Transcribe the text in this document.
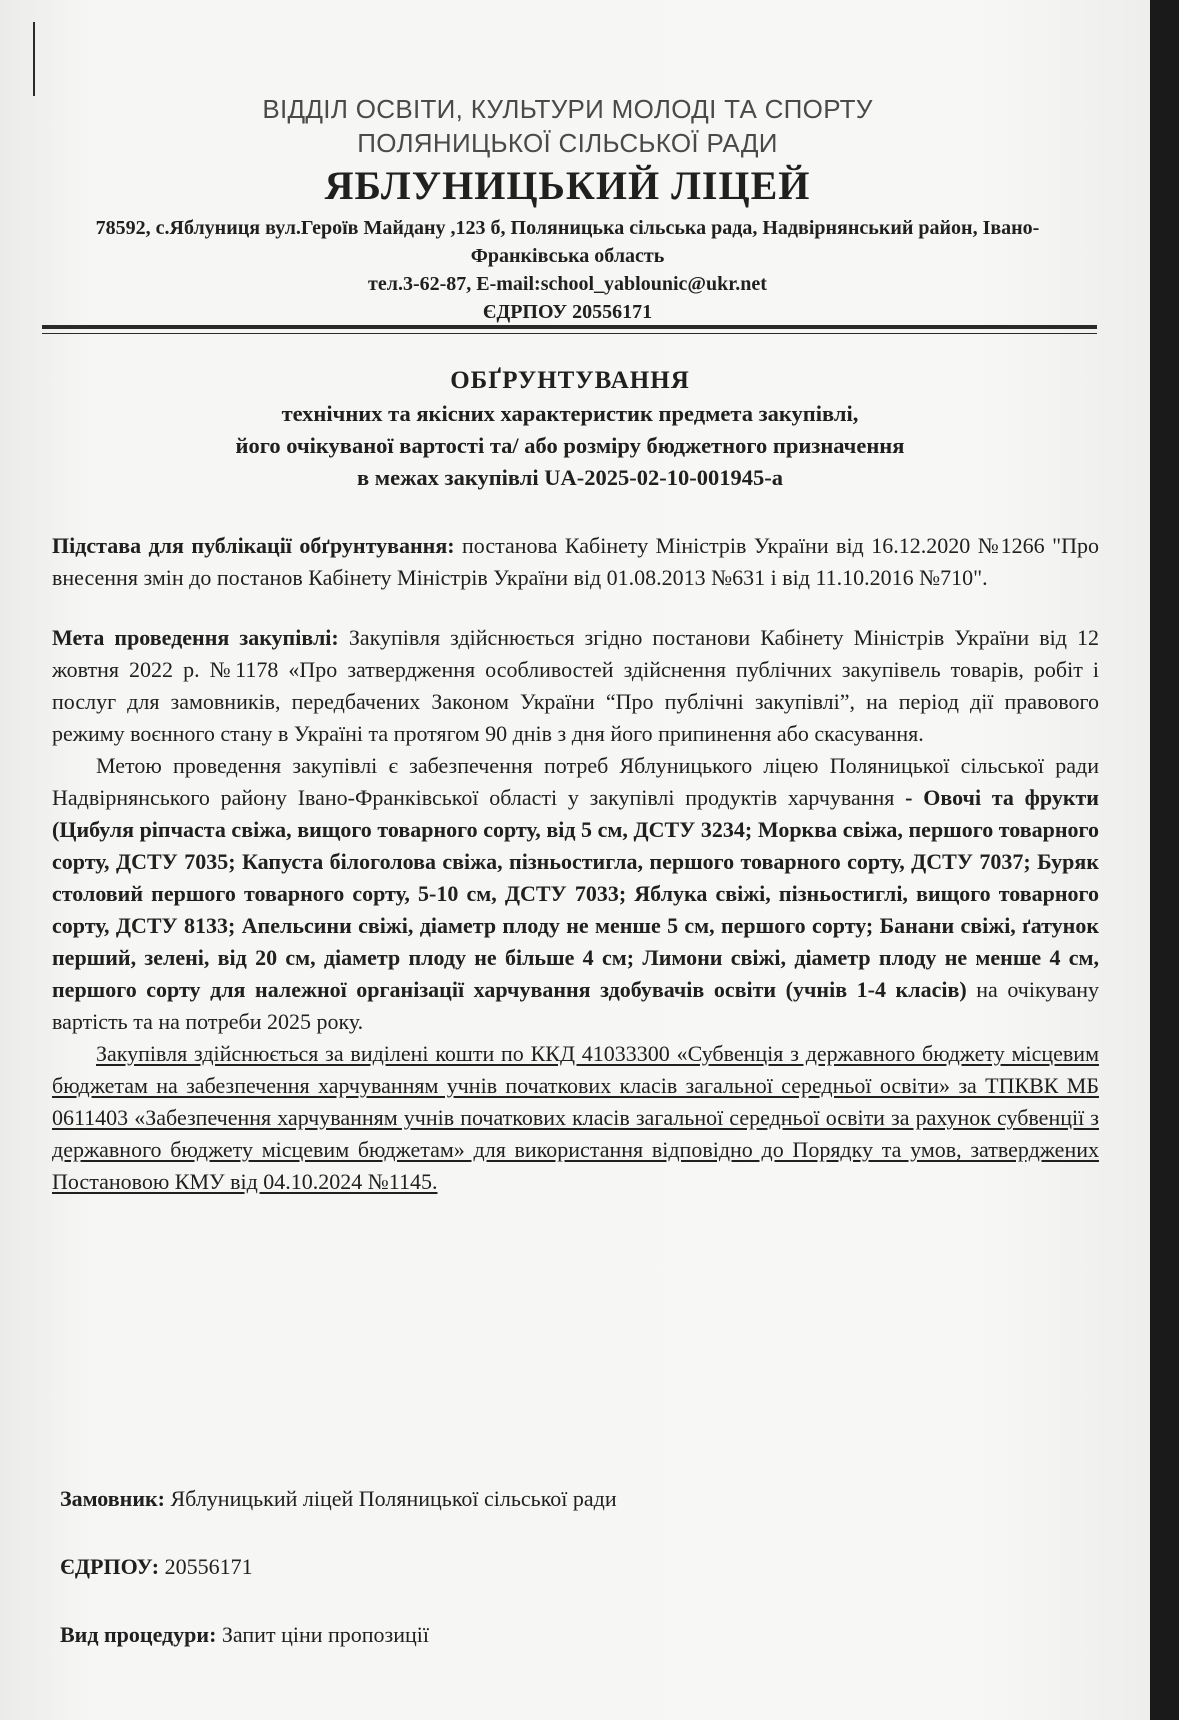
ВІДДІЛ ОСВІТИ, КУЛЬТУРИ МОЛОДІ ТА СПОРТУ
ПОЛЯНИЦЬКОЇ СІЛЬСЬКОЇ РАДИ
ЯБЛУНИЦЬКИЙ ЛІЦЕЙ
78592, с.Яблуниця вул.Героїв Майдану ,123 б, Поляницька сільська рада, Надвірнянський район, Івано-Франківська область
тел.3-62-87, E-mail:school_yablounic@ukr.net
ЄДРПОУ 20556171
ОБҐРУНТУВАННЯ
технічних та якісних характеристик предмета закупівлі,
його очікуваної вартості та/ або розміру бюджетного призначення
в межах закупівлі UA-2025-02-10-001945-а

Підстава для публікації обґрунтування: постанова Кабінету Міністрів України від 16.12.2020 №1266 "Про внесення змін до постанов Кабінету Міністрів України від 01.08.2013 №631 і від 11.10.2016 №710".

Мета проведення закупівлі: Закупівля здійснюється згідно постанови Кабінету Міністрів України від 12 жовтня 2022 р. №1178 «Про затвердження особливостей здійснення публічних закупівель товарів, робіт і послуг для замовників, передбачених Законом України “Про публічні закупівлі”, на період дії правового режиму воєнного стану в Україні та протягом 90 днів з дня його припинення або скасування.

Метою проведення закупівлі є забезпечення потреб Яблуницького ліцею Поляницької сільської ради Надвірнянського району Івано-Франківської області у закупівлі продуктів харчування - Овочі та фрукти (Цибуля ріпчаста свіжа, вищого товарного сорту, від 5 см, ДСТУ 3234; Морква свіжа, першого товарного сорту, ДСТУ 7035; Капуста білоголова свіжа, пізньостигла, першого товарного сорту, ДСТУ 7037; Буряк столовий першого товарного сорту, 5-10 см, ДСТУ 7033; Яблука свіжі, пізньостиглі, вищого товарного сорту, ДСТУ 8133; Апельсини свіжі, діаметр плоду не менше 5 см, першого сорту; Банани свіжі, ґатунок перший, зелені, від 20 см, діаметр плоду не більше 4 см; Лимони свіжі, діаметр плоду не менше 4 см, першого сорту для належної організації харчування здобувачів освіти (учнів 1-4 класів) на очікувану вартість та на потреби 2025 року.

Закупівля здійснюється за виділені кошти по ККД 41033300 «Субвенція з державного бюджету місцевим бюджетам на забезпечення харчуванням учнів початкових класів загальної середньої освіти» за ТПКВК МБ 0611403 «Забезпечення харчуванням учнів початкових класів загальної середньої освіти за рахунок субвенції з державного бюджету місцевим бюджетам» для використання відповідно до Порядку та умов, затверджених Постановою КМУ від 04.10.2024 №1145.

Замовник: Яблуницький ліцей Поляницької сільської ради
ЄДРПОУ: 20556171
Вид процедури: Запит ціни пропозиції
